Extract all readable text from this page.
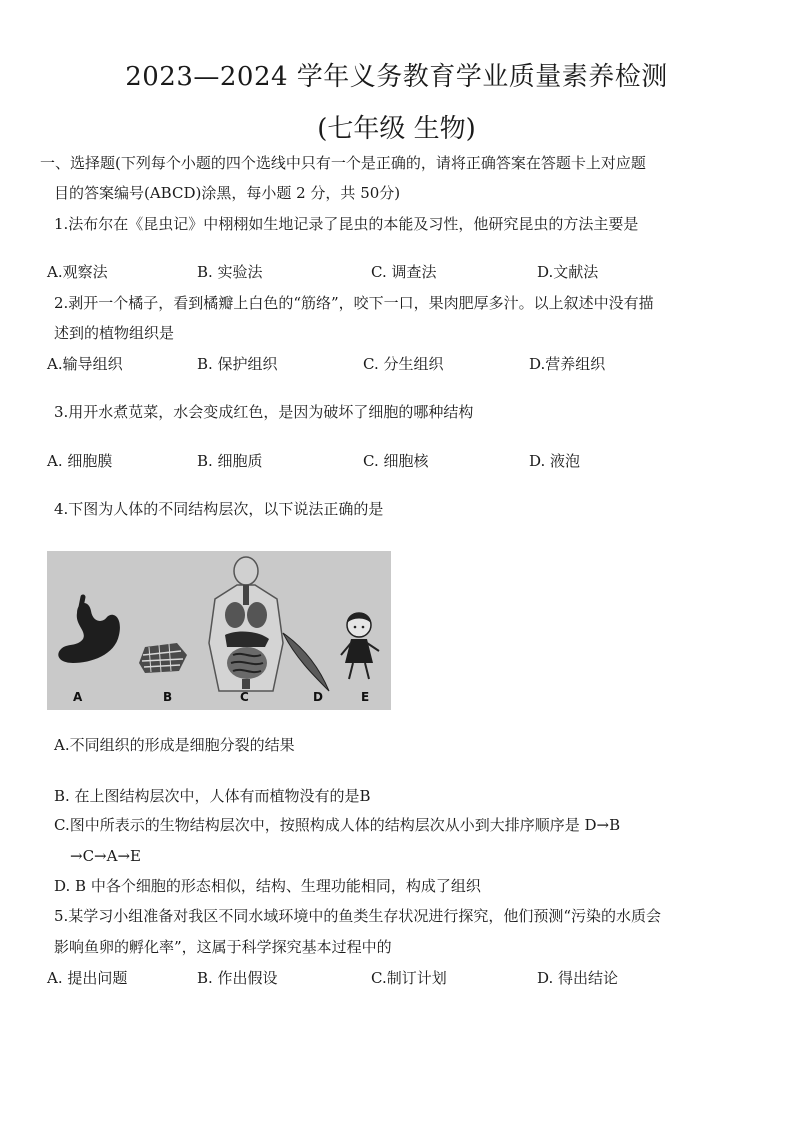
2023—2024 学年义务教育学业质量素养检测
(七年级 生物)
一、选择题(下列每个小题的四个选线中只有一个是正确的，请将正确答案在答题卡上对应题
目的答案编号(ABCD)涂黑，每小题 2 分，共 50分)
1.法布尔在《昆虫记》中栩栩如生地记录了昆虫的本能及习性，他研究昆虫的方法主要是
A.观察法	B. 实验法	C. 调查法	D.文献法
2.剥开一个橘子，看到橘瓣上白色的“筋络”，咬下一口，果肉肥厚多汁。以上叙述中没有描
述到的植物组织是
A.输导组织	B. 保护组织	C. 分生组织	D.营养组织
3.用开水煮苋菜，水会变成红色，是因为破坏了细胞的哪种结构
A. 细胞膜	B. 细胞质	C. 细胞核	D. 液泡
4.下图为人体的不同结构层次，以下说法正确的是
A	B	C	D	E
A.不同组织的形成是细胞分裂的结果
B. 在上图结构层次中，人体有而植物没有的是B
C.图中所表示的生物结构层次中，按照构成人体的结构层次从小到大排序顺序是 D→B
→C→A→E
D. B 中各个细胞的形态相似，结构、生理功能相同，构成了组织
5.某学习小组准备对我区不同水域环境中的鱼类生存状况进行探究，他们预测“污染的水质会
影响鱼卵的孵化率”，这属于科学探究基本过程中的
A. 提出问题	B. 作出假设	C.制订计划	D. 得出结论
